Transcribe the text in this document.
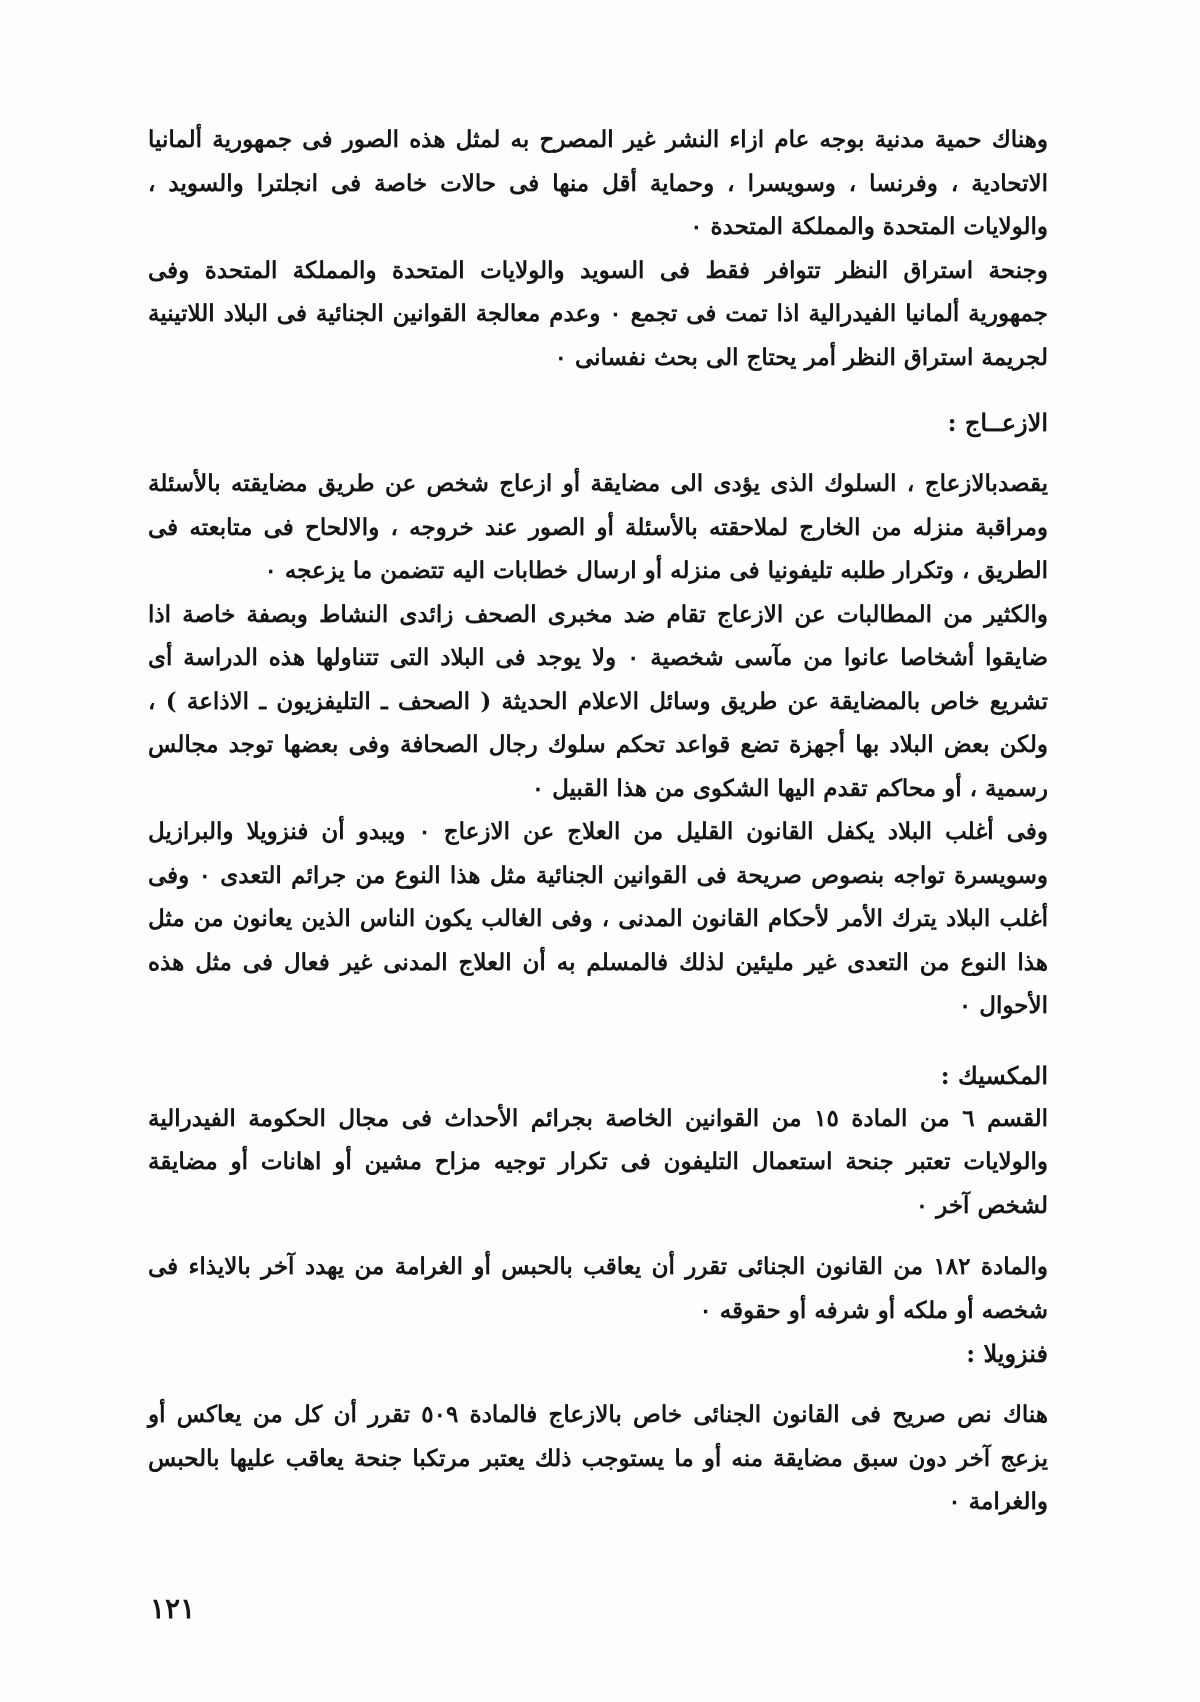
وهناك حمية مدنية بوجه عام ازاء النشر غير المصرح به لمثل هذه الصور فى جمهورية ألمانيا الاتحادية ، وفرنسا ، وسويسرا ، وحماية أقل منها فى حالات خاصة فى انجلترا والسويد ، والولايات المتحدة والمملكة المتحدة ٠

وجنحة استراق النظر تتوافر فقط فى السويد والولايات المتحدة والمملكة المتحدة وفى جمهورية ألمانيا الفيدرالية اذا تمت فى تجمع ٠ وعدم معالجة القوانين الجنائية فى البلاد اللاتينية لجريمة استراق النظر أمر يحتاج الى بحث نفسانى ٠

الازعــاج :

يقصدبالازعاج ، السلوك الذى يؤدى الى مضايقة أو ازعاج شخص عن طريق مضايقته بالأسئلة ومراقبة منزله من الخارج لملاحقته بالأسئلة أو الصور عند خروجه ، والالحاح فى متابعته فى الطريق ، وتكرار طلبه تليفونيا فى منزله أو ارسال خطابات اليه تتضمن ما يزعجه ٠

والكثير من المطالبات عن الازعاج تقام ضد مخبرى الصحف زائدى النشاط وبصفة خاصة اذا ضايقوا أشخاصا عانوا من مآسى شخصية ٠ ولا يوجد فى البلاد التى تتناولها هذه الدراسة أى تشريع خاص بالمضايقة عن طريق وسائل الاعلام الحديثة ( الصحف ـ التليفزيون ـ الاذاعة ) ، ولكن بعض البلاد بها أجهزة تضع قواعد تحكم سلوك رجال الصحافة وفى بعضها توجد مجالس رسمية ، أو محاكم تقدم اليها الشكوى من هذا القبيل ٠

وفى أغلب البلاد يكفل القانون القليل من العلاج عن الازعاج ٠ ويبدو أن فنزويلا والبرازيل وسويسرة تواجه بنصوص صريحة فى القوانين الجنائية مثل هذا النوع من جرائم التعدى ٠ وفى أغلب البلاد يترك الأمر لأحكام القانون المدنى ، وفى الغالب يكون الناس الذين يعانون من مثل هذا النوع من التعدى غير مليئين لذلك فالمسلم به أن العلاج المدنى غير فعال فى مثل هذه الأحوال ٠

المكسيك :

القسم ٦ من المادة ١٥ من القوانين الخاصة بجرائم الأحداث فى مجال الحكومة الفيدرالية والولايات تعتبر جنحة استعمال التليفون فى تكرار توجيه مزاح مشين أو اهانات أو مضايقة لشخص آخر ٠

والمادة ١٨٢ من القانون الجنائى تقرر أن يعاقب بالحبس أو الغرامة من يهدد آخر بالايذاء فى شخصه أو ملكه أو شرفه أو حقوقه ٠

فنزويلا :

هناك نص صريح فى القانون الجنائى خاص بالازعاج فالمادة ٥٠٩ تقرر أن كل من يعاكس أو يزعج آخر دون سبق مضايقة منه أو ما يستوجب ذلك يعتبر مرتكبا جنحة يعاقب عليها بالحبس والغرامة ٠

١٢١
